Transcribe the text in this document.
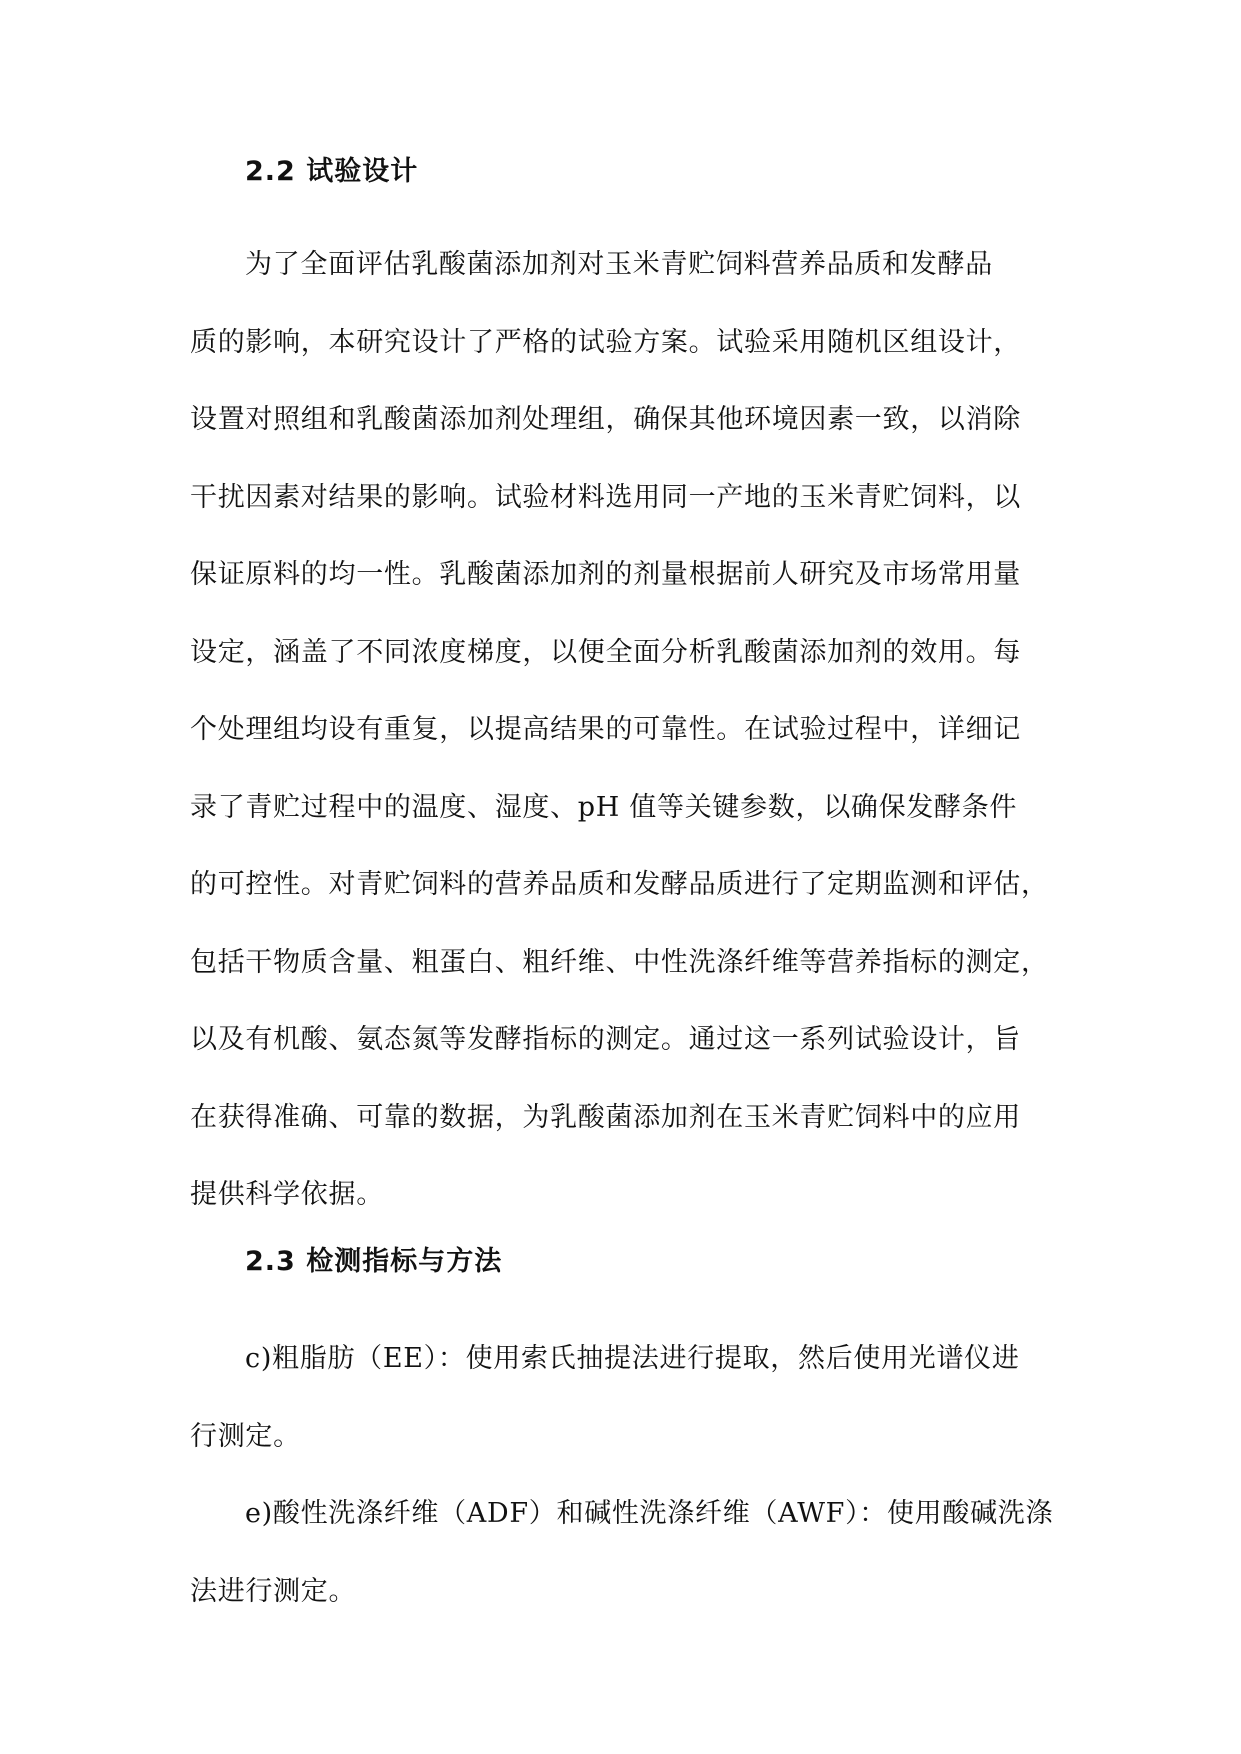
2.2 试验设计
为了全面评估乳酸菌添加剂对玉米青贮饲料营养品质和发酵品
质的影响，本研究设计了严格的试验方案。试验采用随机区组设计，
设置对照组和乳酸菌添加剂处理组，确保其他环境因素一致，以消除
干扰因素对结果的影响。试验材料选用同一产地的玉米青贮饲料，以
保证原料的均一性。乳酸菌添加剂的剂量根据前人研究及市场常用量
设定，涵盖了不同浓度梯度，以便全面分析乳酸菌添加剂的效用。每
个处理组均设有重复，以提高结果的可靠性。在试验过程中，详细记
录了青贮过程中的温度、湿度、pH 值等关键参数，以确保发酵条件
的可控性。对青贮饲料的营养品质和发酵品质进行了定期监测和评估，
包括干物质含量、粗蛋白、粗纤维、中性洗涤纤维等营养指标的测定，
以及有机酸、氨态氮等发酵指标的测定。通过这一系列试验设计，旨
在获得准确、可靠的数据，为乳酸菌添加剂在玉米青贮饲料中的应用
提供科学依据。
2.3 检测指标与方法
c)粗脂肪（EE）：使用索氏抽提法进行提取，然后使用光谱仪进
行测定。
e)酸性洗涤纤维（ADF）和碱性洗涤纤维（AWF）：使用酸碱洗涤
法进行测定。
